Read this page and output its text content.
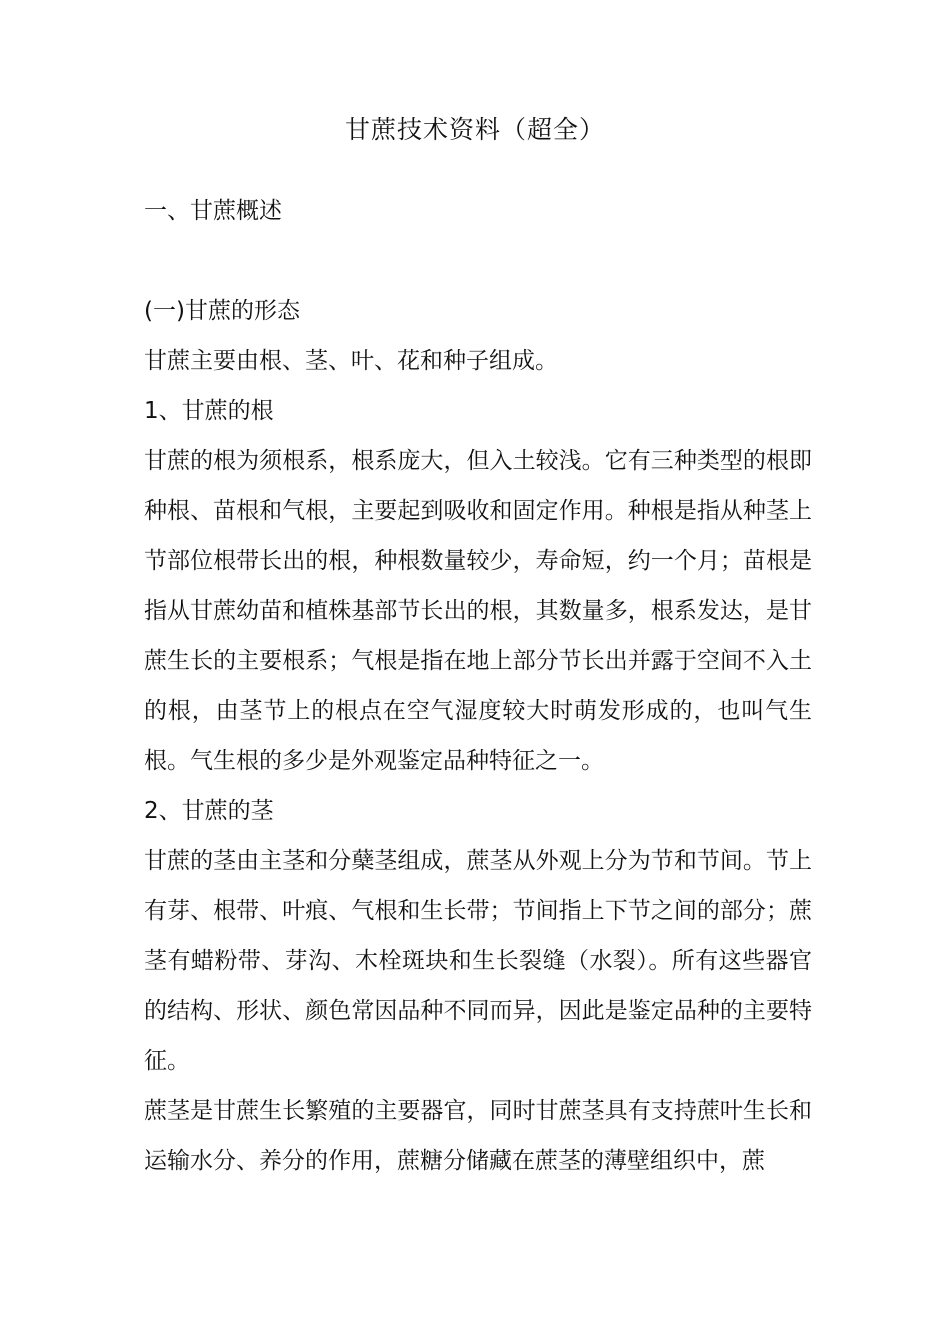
甘蔗技术资料（超全）

一、甘蔗概述

(一)甘蔗的形态

甘蔗主要由根、茎、叶、花和种子组成。

1、甘蔗的根

甘蔗的根为须根系，根系庞大，但入土较浅。它有三种类型的根即种根、苗根和气根，主要起到吸收和固定作用。种根是指从种茎上节部位根带长出的根，种根数量较少，寿命短，约一个月；苗根是指从甘蔗幼苗和植株基部节长出的根，其数量多，根系发达，是甘蔗生长的主要根系；气根是指在地上部分节长出并露于空间不入土的根，由茎节上的根点在空气湿度较大时萌发形成的，也叫气生根。气生根的多少是外观鉴定品种特征之一。

2、甘蔗的茎

甘蔗的茎由主茎和分蘖茎组成，蔗茎从外观上分为节和节间。节上有芽、根带、叶痕、气根和生长带；节间指上下节之间的部分；蔗茎有蜡粉带、芽沟、木栓斑块和生长裂缝（水裂）。所有这些器官的结构、形状、颜色常因品种不同而异，因此是鉴定品种的主要特征。

蔗茎是甘蔗生长繁殖的主要器官，同时甘蔗茎具有支持蔗叶生长和运输水分、养分的作用，蔗糖分储藏在蔗茎的薄壁组织中，蔗
